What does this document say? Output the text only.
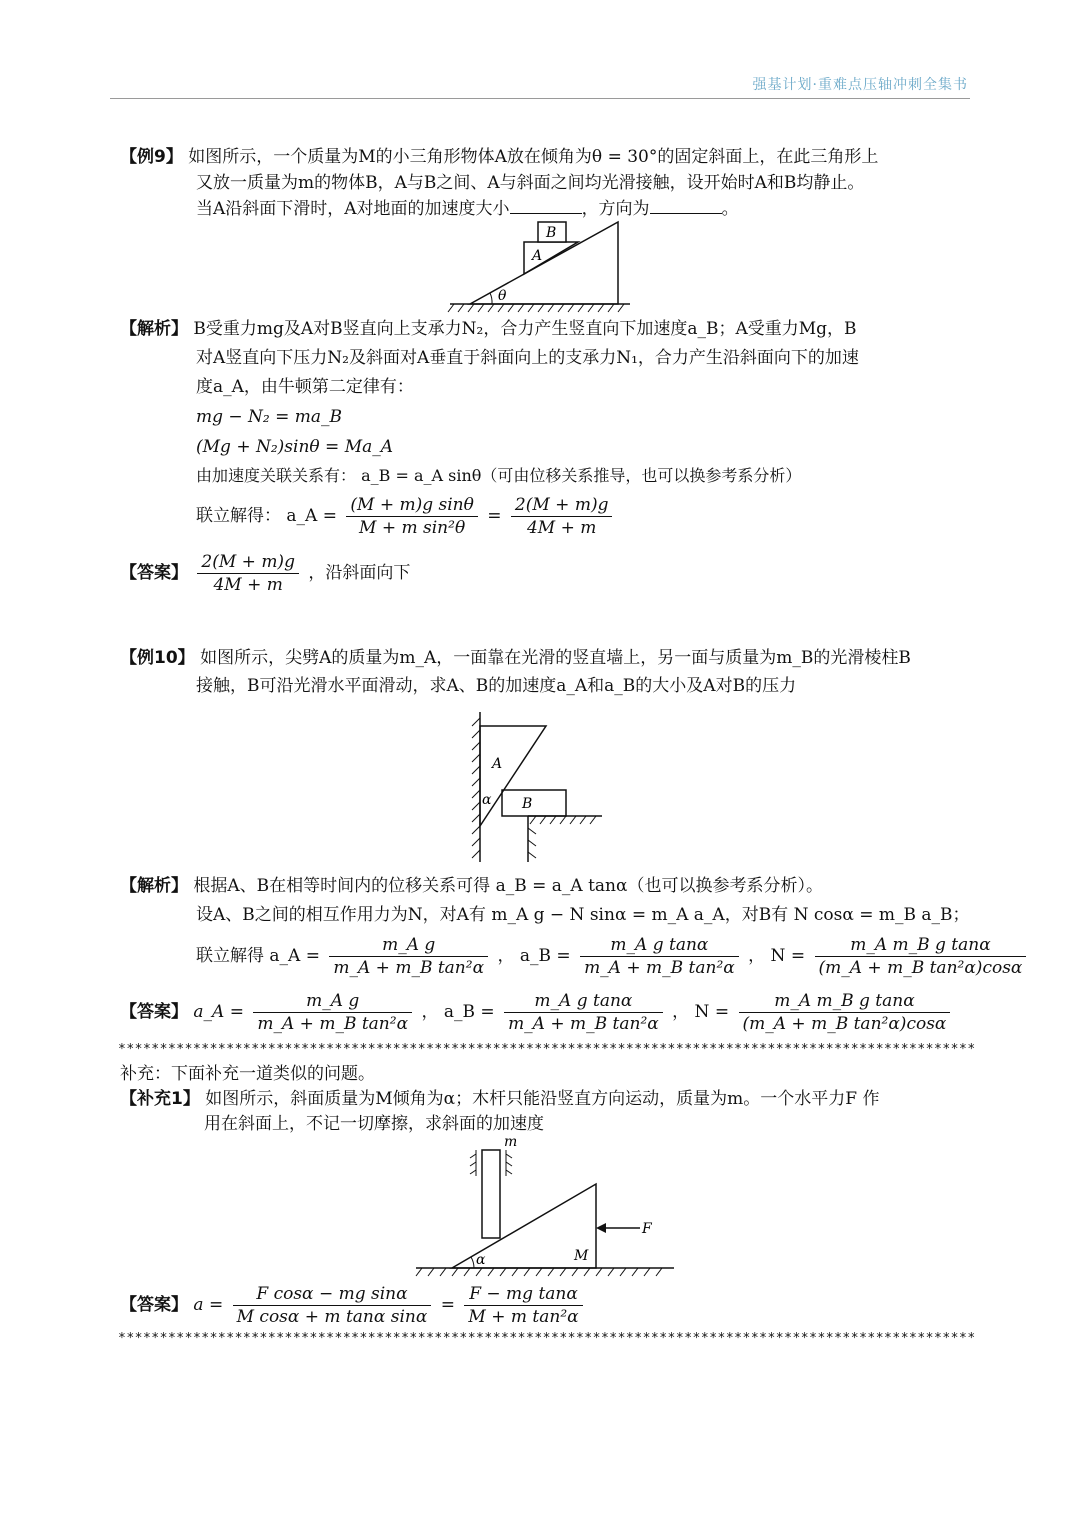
强基计划·重难点压轴冲刺全集书
【例9】 如图所示，一个质量为M的小三角形物体A放在倾角为θ = 30°的固定斜面上，在此三角形上
又放一质量为m的物体B，A与B之间、A与斜面之间均光滑接触，设开始时A和B均静止。
当A沿斜面下滑时，A对地面的加速度大小	，方向为	。
B
A
θ
【解析】 B受重力mg及A对B竖直向上支承力N₂，合力产生竖直向下加速度a_B；A受重力Mg，B
对A竖直向下压力N₂及斜面对A垂直于斜面向上的支承力N₁，合力产生沿斜面向下的加速
度a_A，由牛顿第二定律有：
mg − N₂ = ma_B
(Mg + N₂)sinθ = Ma_A
由加速度关联关系有： a_B = a_A sinθ（可由位移关系推导，也可以换参考系分析）
联立解得： a_A = $\frac{\text{(M + m)g sinθ}}{\text{M + m sin²θ}} = \frac{2(M + m)g}{4M + m}$
【答案】 $\frac{2(M + m)g}{4M + m}$ ，沿斜面向下
【例10】 如图所示，尖劈A的质量为m_A，一面靠在光滑的竖直墙上，另一面与质量为m_B的光滑棱柱B
接触，B可沿光滑水平面滑动，求A、B的加速度a_A和a_B的大小及A对B的压力
A
B
α
【解析】 根据A、B在相等时间内的位移关系可得 a_B = a_A tanα（也可以换参考系分析）。
设A、B之间的相互作用力为N，对A有 m_A g − N sinα = m_A a_A，对B有 N cosα = m_B a_B；
联立解得 a_A = $\frac{\text{m\_A g}}{\text{m\_A + m\_B tan²α}}$ ， a_B = $\frac{\text{m\_A g tanα}}{\text{m\_A + m\_B tan²α}}$ ， $N = \frac{\text{m\_A m\_B g tanα}}{\text{(m\_A + m\_B tan²α)cosα}}$
【答案】 a_A = $\frac{\text{m\_A g}}{\text{m\_A + m\_B tan²α}}$ ， a_B = $\frac{\text{m\_A g tanα}}{\text{m\_A + m\_B tan²α}}$ ， $N = \frac{\text{m\_A m\_B g tanα}}{\text{(m\_A + m\_B tan²α)cosα}}$
*******************************************************************************************************
补充：下面补充一道类似的问题。
【补充1】 如图所示，斜面质量为M倾角为α；木杆只能沿竖直方向运动，质量为m。一个水平力F 作
用在斜面上，不记一切摩擦，求斜面的加速度
m
F
M
α
【答案】 $a = \frac{\text{F cosα − mg sinα}}{\text{M cosα + m tanα sinα}} = \frac{\text{F − mg tanα}}{\text{M + m tan²α}}$
*******************************************************************************************************
